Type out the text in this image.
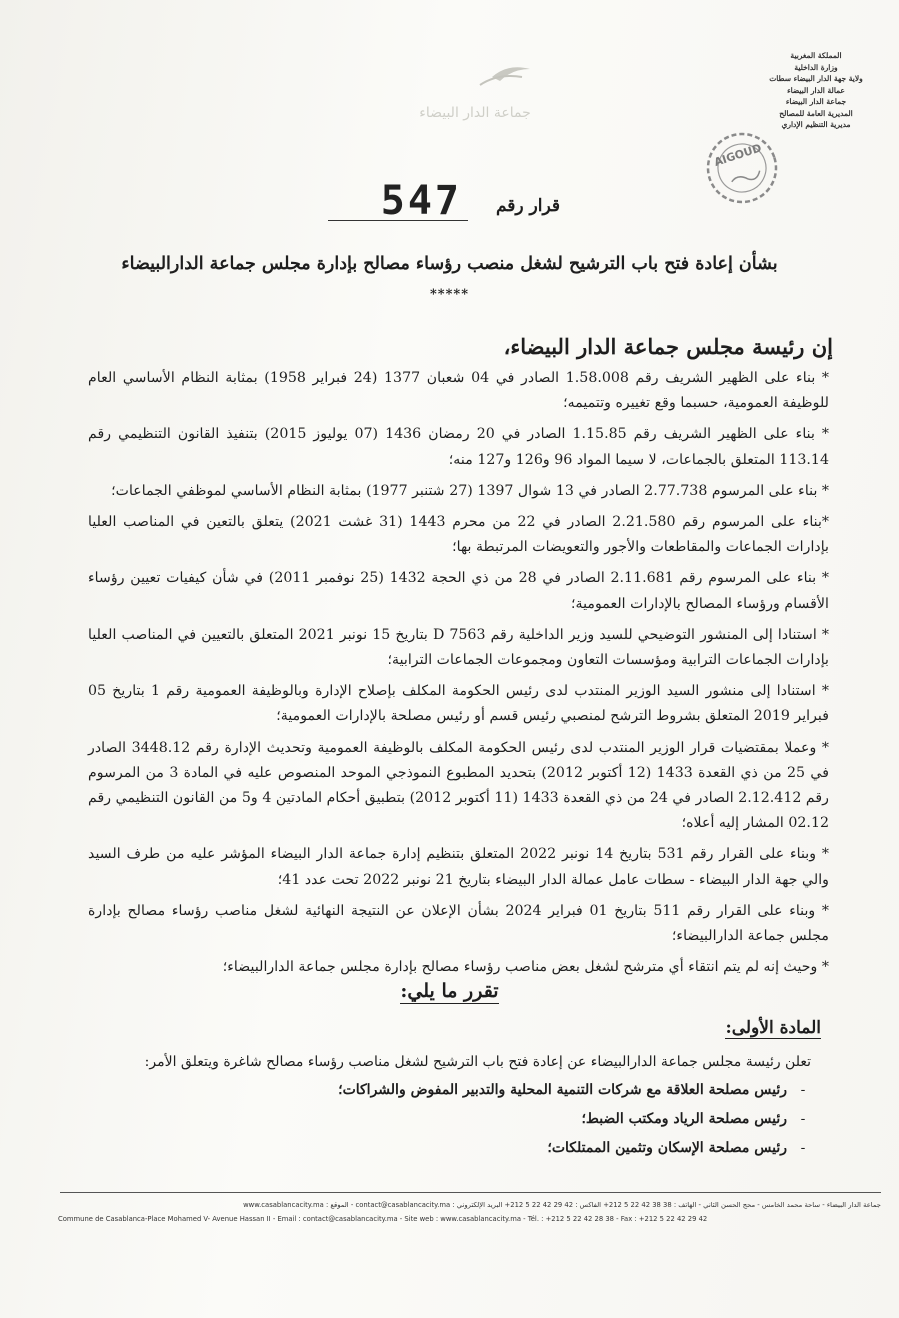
المملكة المغربية
وزارة الداخلية
ولاية جهة الدار البيضاء سطات
عمالة الدار البيضاء
جماعة الدار البيضاء
المديرية العامة للمصالح
مديرية التنظيم الإداري
جماعة الدار البيضاء
AIGOUD
قرار رقم
547
بشأن إعادة فتح باب الترشيح لشغل منصب رؤساء مصالح بإدارة مجلس جماعة الدارالبيضاء
*****
إن رئيسة مجلس جماعة الدار البيضاء،

* بناء على الظهير الشريف رقم 1.58.008 الصادر في 04 شعبان 1377 (24 فبراير 1958) بمثابة النظام الأساسي العام للوظيفة العمومية، حسبما وقع تغييره وتتميمه؛

* بناء على الظهير الشريف رقم 1.15.85 الصادر في 20 رمضان 1436 (07 يوليوز 2015) بتنفيذ القانون التنظيمي رقم 113.14 المتعلق بالجماعات، لا سيما المواد 96 و126 و127 منه؛

* بناء على المرسوم 2.77.738 الصادر في 13 شوال 1397 (27 شتنبر 1977) بمثابة النظام الأساسي لموظفي الجماعات؛

*بناء على المرسوم رقم 2.21.580 الصادر في 22 من محرم 1443 (31 غشت 2021) يتعلق بالتعين في المناصب العليا بإدارات الجماعات والمقاطعات والأجور والتعويضات المرتبطة بها؛

* بناء على المرسوم رقم 2.11.681 الصادر في 28 من ذي الحجة 1432 (25 نوفمبر 2011) في شأن كيفيات تعيين رؤساء الأقسام ورؤساء المصالح بالإدارات العمومية؛

* استنادا إلى المنشور التوضيحي للسيد وزير الداخلية رقم D 7563 بتاريخ 15 نونبر 2021 المتعلق بالتعيين في المناصب العليا بإدارات الجماعات الترابية ومؤسسات التعاون ومجموعات الجماعات الترابية؛

* استنادا إلى منشور السيد الوزير المنتدب لدى رئيس الحكومة المكلف بإصلاح الإدارة وبالوظيفة العمومية رقم 1 بتاريخ 05 فبراير 2019 المتعلق بشروط الترشح لمنصبي رئيس قسم أو رئيس مصلحة بالإدارات العمومية؛

* وعملا بمقتضيات قرار الوزير المنتدب لدى رئيس الحكومة المكلف بالوظيفة العمومية وتحديث الإدارة رقم 3448.12 الصادر في 25 من ذي القعدة 1433 (12 أكتوبر 2012) بتحديد المطبوع النموذجي الموحد المنصوص عليه في المادة 3 من المرسوم رقم 2.12.412 الصادر في 24 من ذي القعدة 1433 (11 أكتوبر 2012) بتطبيق أحكام المادتين 4 و5 من القانون التنظيمي رقم 02.12 المشار إليه أعلاه؛

* وبناء على القرار رقم 531 بتاريخ 14 نونبر 2022 المتعلق بتنظيم إدارة جماعة الدار البيضاء المؤشر عليه من طرف السيد والي جهة الدار البيضاء - سطات عامل عمالة الدار البيضاء بتاريخ 21 نونبر 2022 تحت عدد 41؛

* وبناء على القرار رقم 511 بتاريخ 01 فبراير 2024 بشأن الإعلان عن النتيجة النهائية لشغل مناصب رؤساء مصالح بإدارة مجلس جماعة الدارالبيضاء؛

* وحيث إنه لم يتم انتقاء أي مترشح لشغل بعض مناصب رؤساء مصالح بإدارة مجلس جماعة الدارالبيضاء؛

تقرر ما يلي:
المادة الأولى:
تعلن رئيسة مجلس جماعة الدارالبيضاء عن إعادة فتح باب الترشيح لشغل مناصب رؤساء مصالح شاغرة ويتعلق الأمر:
-رئيس مصلحة العلاقة مع شركات التنمية المحلية والتدبير المفوض والشراكات؛
-رئيس مصلحة الرياد ومكتب الضبط؛
-رئيس مصلحة الإسكان وتثمين الممتلكات؛
جماعة الدار البيضاء - ساحة محمد الخامس - محج الحسن الثاني - الهاتف : 38 38 42 22 5 212+ الفاكس : 42 29 42 22 5 212+ البريد الإلكتروني : contact@casablancacity.ma - الموقع : www.casablancacity.ma
Commune de Casablanca-Place Mohamed V- Avenue Hassan II - Email : contact@casablancacity.ma - Site web : www.casablancacity.ma - Tél. : +212 5 22 42 28 38 - Fax : +212 5 22 42 29 42
